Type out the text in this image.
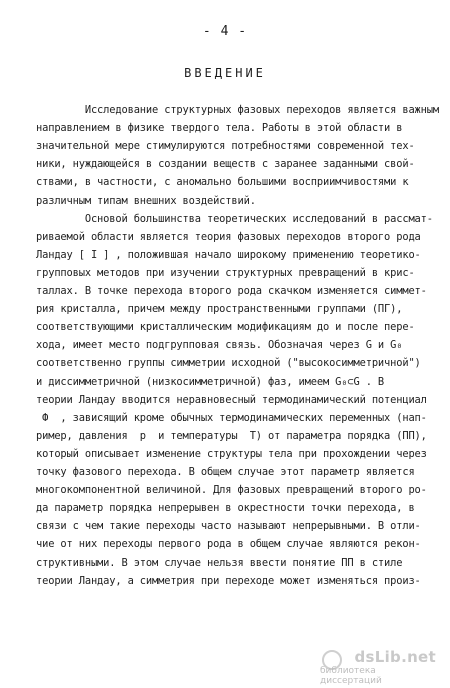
- 4 -
ВВЕДЕНИЕ
Исследование структурных фазовых переходов является важным
направлением в физике твердого тела. Работы в этой области в
значительной мере стимулируются потребностями современной тех-
ники, нуждающейся в создании веществ с заранее заданными свой-
ствами, в частности, с аномально большими восприимчивостями к
различным типам внешних воздействий.
Основой большинства теоретических исследований в рассмат-
риваемой области является теория фазовых переходов второго рода
Ландау [ I ] , положившая начало широкому применению теоретико-
групповых методов при изучении структурных превращений в крис-
таллах. В точке перехода второго рода скачком изменяется симмет-
рия кристалла, причем между пространственными группами (ПГ),
соответствующими кристаллическим модификациям до и после пере-
хода, имеет место подгрупповая связь. Обозначая через G и G₀
соответственно группы симметрии исходной ("высокосимметричной")
и диссимметричной (низкосимметричной) фаз, имеем G₀⊂G . В
теории Ландау вводится неравновесный термодинамический потенциал
Ф  , зависящий кроме обычных термодинамических переменных (нап-
ример, давления  p  и температуры  T) от параметра порядка (ПП),
который описывает изменение структуры тела при прохождении через
точку фазового перехода. В общем случае этот параметр является
многокомпонентной величиной. Для фазовых превращений второго ро-
да параметр порядка непрерывен в окрестности точки перехода, в
связи с чем такие переходы часто называют непрерывными. В отли-
чие от них переходы первого рода в общем случае являются рекон-
структивными. В этом случае нельзя ввести понятие ПП в стиле
теории Ландау, а симметрия при переходе может изменяться произ-
dsLib.net
библиотека диссертаций
